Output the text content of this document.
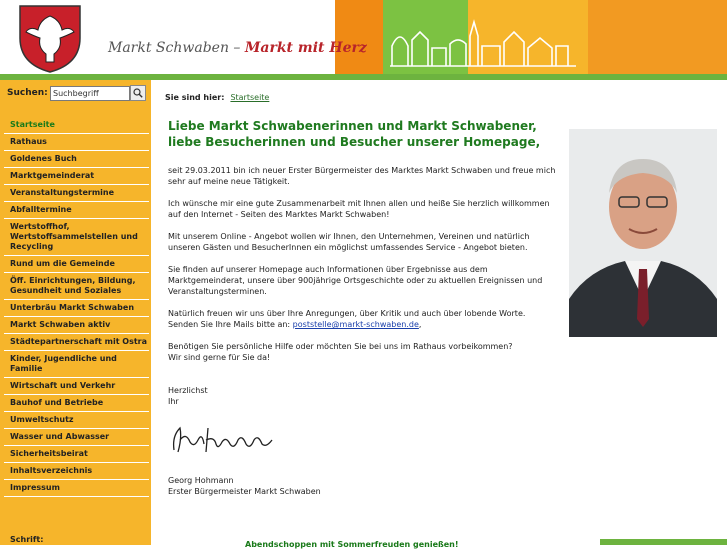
Markt Schwaben – Markt mit Herz
Suchen:
Suchbegriff
Startseite
Rathaus
Goldenes Buch
Marktgemeinderat
Veranstaltungstermine
Abfalltermine
Wertstoffhof, Wertstoffsammelstellen und Recycling
Rund um die Gemeinde
Öff. Einrichtungen, Bildung, Gesundheit und Soziales
Unterbräu Markt Schwaben
Markt Schwaben aktiv
Städtepartnerschaft mit Ostra
Kinder, Jugendliche und Familie
Wirtschaft und Verkehr
Bauhof und Betriebe
Umweltschutz
Wasser und Abwasser
Sicherheitsbeirat
Inhaltsverzeichnis
Impressum
Schrift:
Sie sind hier: Startseite
Liebe Markt Schwabenerinnen und Markt Schwabener, liebe Besucherinnen und Besucher unserer Homepage,

seit 29.03.2011 bin ich neuer Erster Bürgermeister des Marktes Markt Schwaben und freue mich sehr auf meine neue Tätigkeit.

Ich wünsche mir eine gute Zusammenarbeit mit Ihnen allen und heiße Sie herzlich willkommen auf den Internet - Seiten des Marktes Markt Schwaben!

Mit unserem Online - Angebot wollen wir Ihnen, den Unternehmen, Vereinen und natürlich unseren Gästen und BesucherInnen ein möglichst umfassendes Service - Angebot bieten.

Sie finden auf unserer Homepage auch Informationen über Ergebnisse aus dem Marktgemeinderat, unsere über 900jährige Ortsgeschichte oder zu aktuellen Ereignissen und Veranstaltungsterminen.

Natürlich freuen wir uns über Ihre Anregungen, über Kritik und auch über lobende Worte. Senden Sie Ihre Mails bitte an: poststelle@markt-schwaben.de,

Benötigen Sie persönliche Hilfe oder möchten Sie bei uns im Rathaus vorbeikommen?
Wir sind gerne für Sie da!

Herzlichst
Ihr

Georg Hohmann
Erster Bürgermeister Markt Schwaben
Abendschoppen mit Sommerfreuden genießen!
